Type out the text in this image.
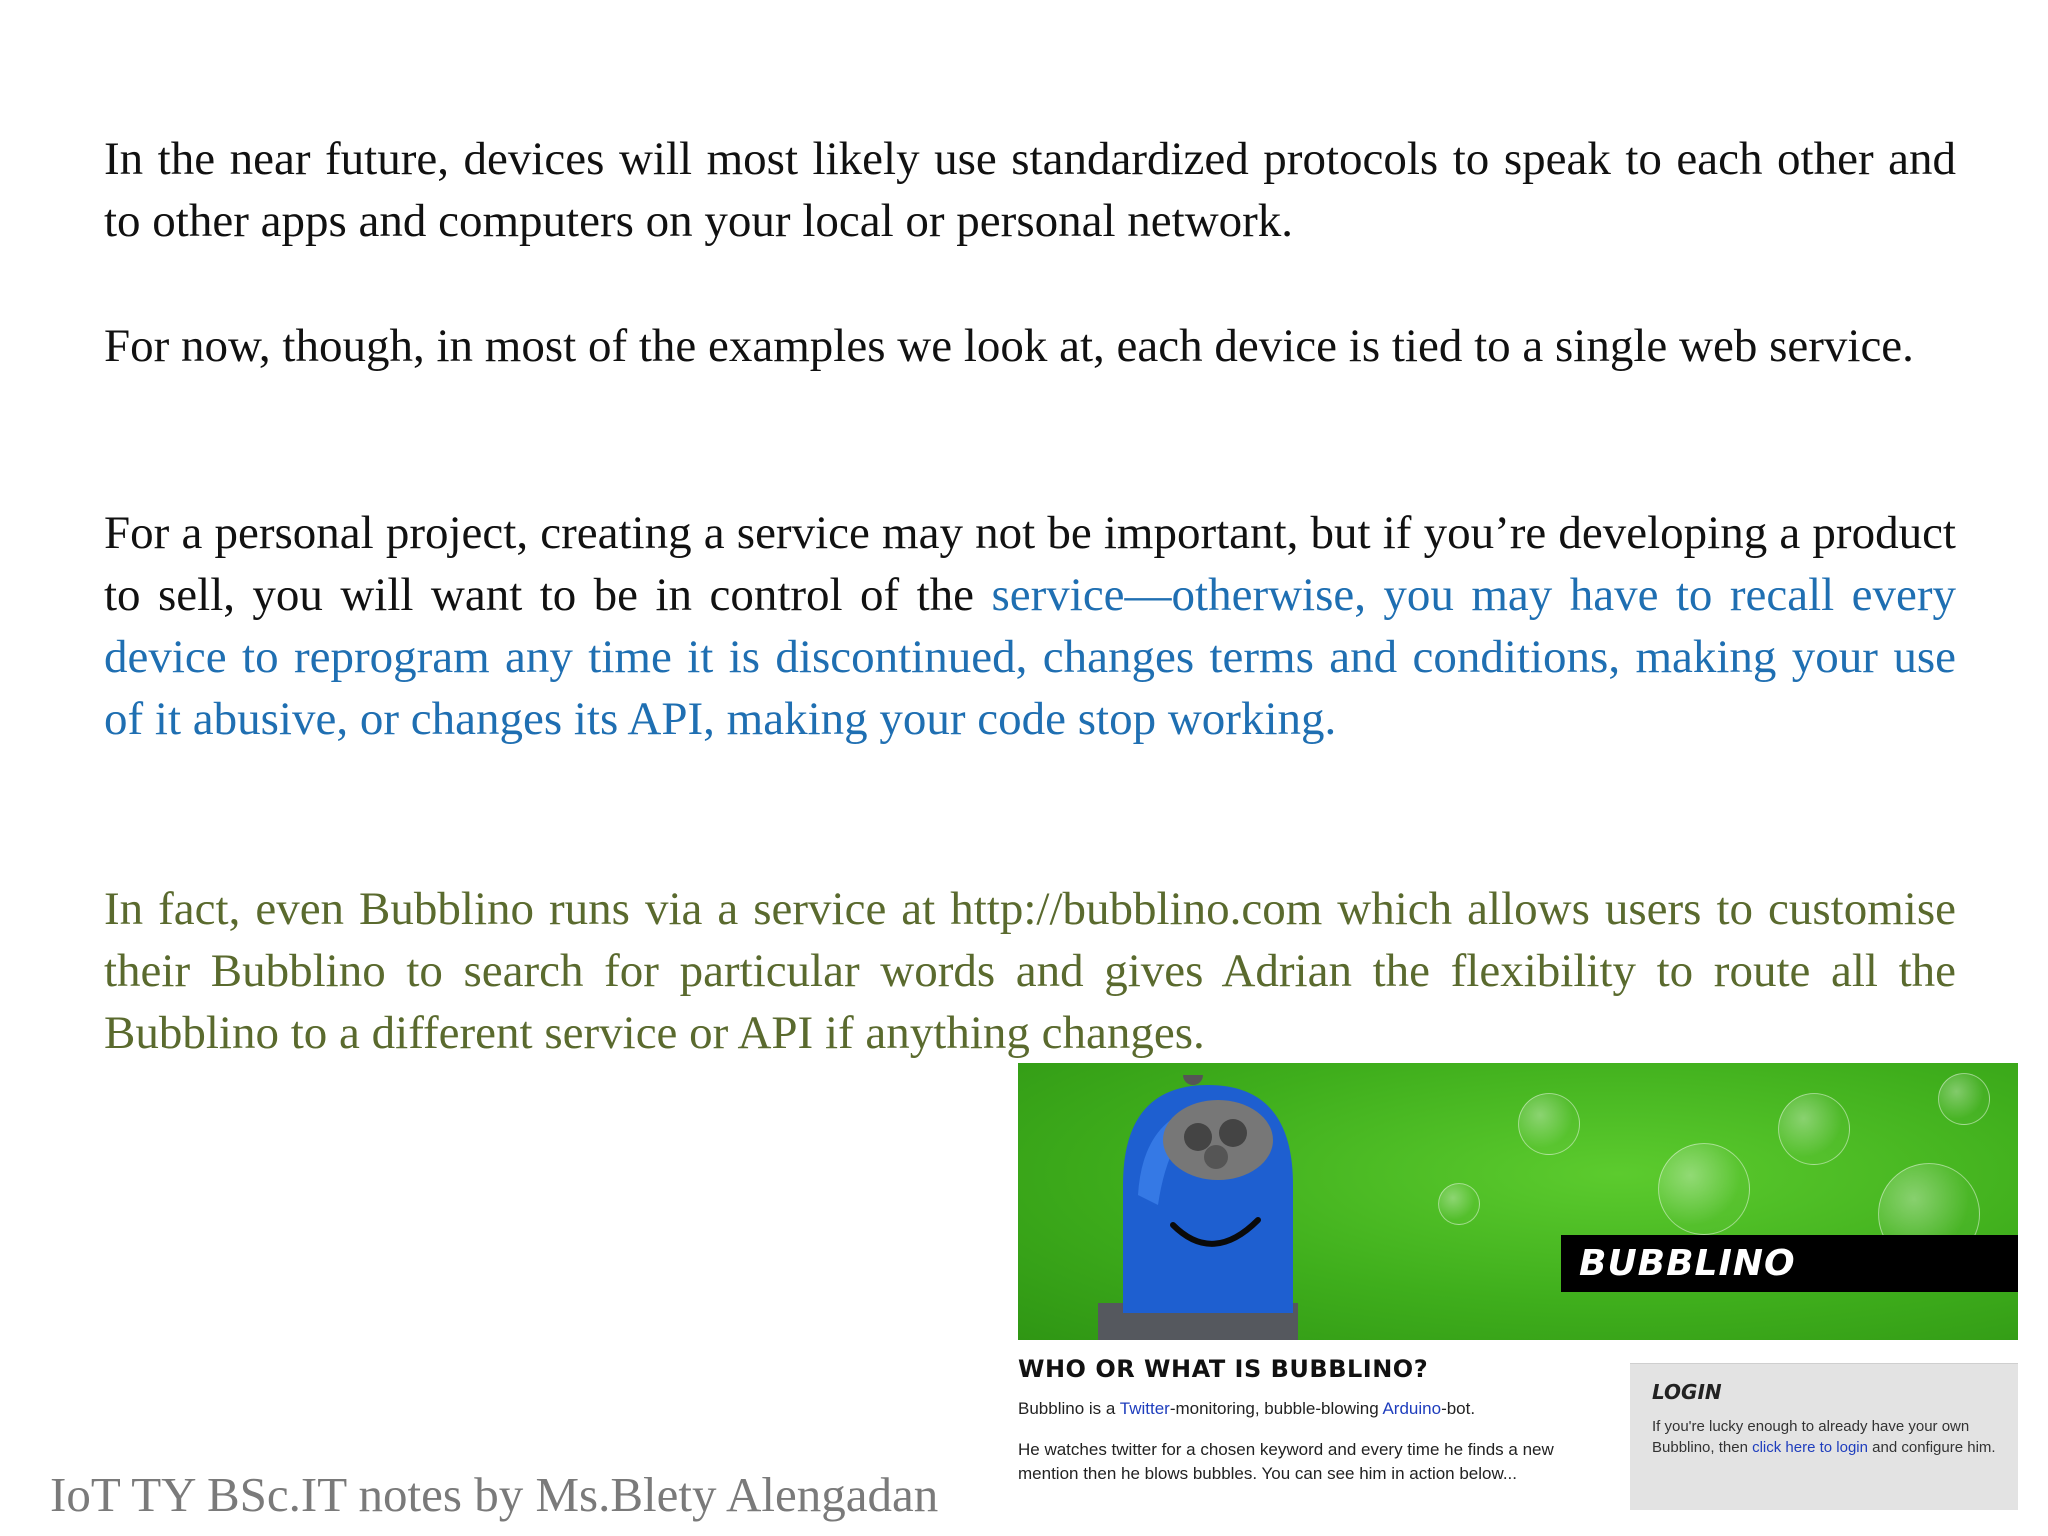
In the near future, devices will most likely use standardized protocols to speak to each other and to other apps and computers on your local or personal network.
For now, though, in most of the examples we look at, each device is tied to a single web service.
For a personal project, creating a service may not be important, but if you’re developing a product to sell, you will want to be in control of the service—otherwise, you may have to recall every device to reprogram any time it is discontinued, changes terms and conditions, making your use of it abusive, or changes its API, making your code stop working.
In fact, even Bubblino runs via a service at http://bubblino.com which allows users to customise their Bubblino to search for particular words and gives Adrian the flexibility to route all the Bubblino to a different service or API if anything changes.
BUBBLINO
WHO OR WHAT IS BUBBLINO?
Bubblino is a Twitter-monitoring, bubble-blowing Arduino-bot.
He watches twitter for a chosen keyword and every time he finds a new mention then he blows bubbles. You can see him in action below...
LOGIN

If you're lucky enough to already have your own Bubblino, then click here to login and configure him.

IoT TY BSc.IT notes by Ms.Blety Alengadan
